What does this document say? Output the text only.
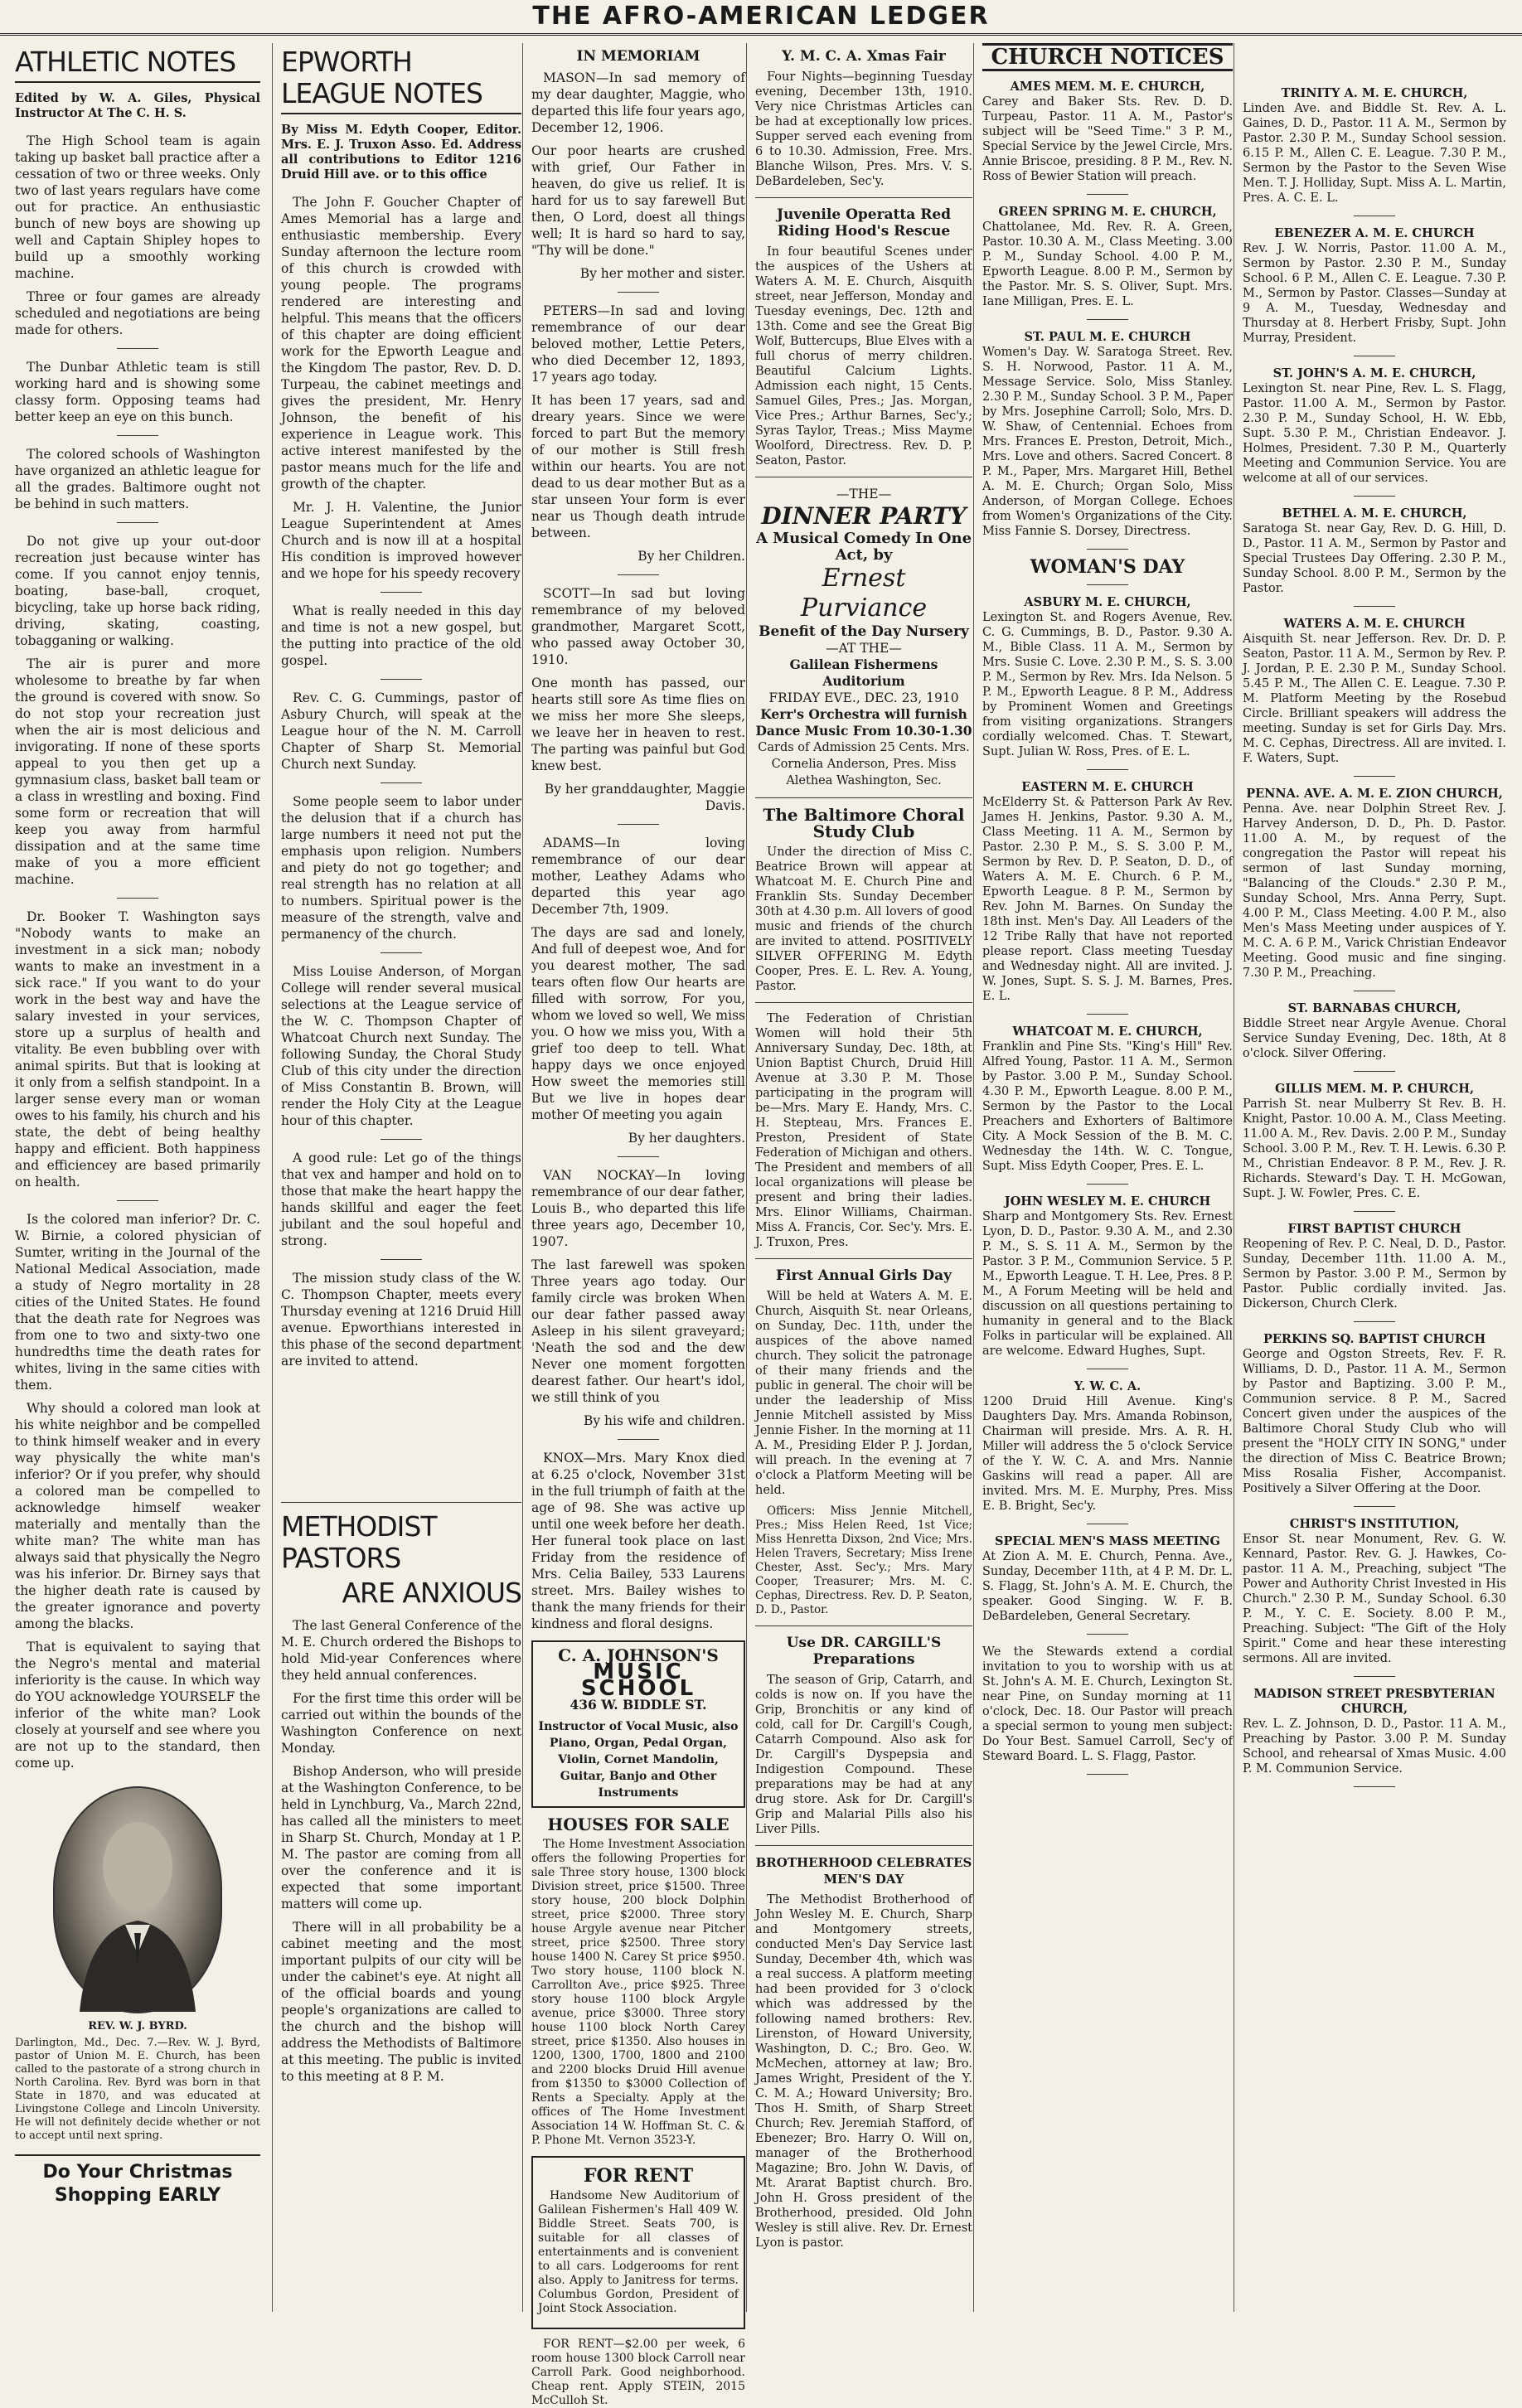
THE AFRO-AMERICAN LEDGER
ATHLETIC NOTES
Edited by W. A. Giles, Physical Instructor At The C. H. S.

The High School team is again taking up basket ball practice after a cessation of two or three weeks. Only two of last years regulars have come out for practice. An enthusiastic bunch of new boys are showing up well and Captain Shipley hopes to build up a smoothly working machine.

Three or four games are already scheduled and negotiations are being made for others.

The Dunbar Athletic team is still working hard and is showing some classy form. Opposing teams had better keep an eye on this bunch.

The colored schools of Washington have organized an athletic league for all the grades. Baltimore ought not be behind in such matters.

Do not give up your out-door recreation just because winter has come. If you cannot enjoy tennis, boating, base-ball, croquet, bicycling, take up horse back riding, driving, skating, coasting, tobagganing or walking.

The air is purer and more wholesome to breathe by far when the ground is covered with snow. So do not stop your recreation just when the air is most delicious and invigorating. If none of these sports appeal to you then get up a gymnasium class, basket ball team or a class in wrestling and boxing. Find some form or recreation that will keep you away from harmful dissipation and at the same time make of you a more efficient machine.

Dr. Booker T. Washington says "Nobody wants to make an investment in a sick man; nobody wants to make an investment in a sick race." If you want to do your work in the best way and have the salary invested in your services, store up a surplus of health and vitality. Be even bubbling over with animal spirits. But that is looking at it only from a selfish standpoint. In a larger sense every man or woman owes to his family, his church and his state, the debt of being healthy happy and efficient. Both happiness and efficiencey are based primarily on health.

Is the colored man inferior? Dr. C. W. Birnie, a colored physician of Sumter, writing in the Journal of the National Medical Association, made a study of Negro mortality in 28 cities of the United States. He found that the death rate for Negroes was from one to two and sixty-two one hundredths time the death rates for whites, living in the same cities with them.

Why should a colored man look at his white neighbor and be compelled to think himself weaker and in every way physically the white man's inferior? Or if you prefer, why should a colored man be compelled to acknowledge himself weaker materially and mentally than the white man? The white man has always said that physically the Negro was his inferior. Dr. Birney says that the higher death rate is caused by the greater ignorance and poverty among the blacks.

That is equivalent to saying that the Negro's mental and material inferiority is the cause. In which way do YOU acknowledge YOURSELF the inferior of the white man? Look closely at yourself and see where you are not up to the standard, then come up.

REV. W. J. BYRD.
Darlington, Md., Dec. 7.—Rev. W. J. Byrd, pastor of Union M. E. Church, has been called to the pastorate of a strong church in North Carolina. Rev. Byrd was born in that State in 1870, and was educated at Livingstone College and Lincoln University. He will not definitely decide whether or not to accept until next spring.
Do Your Christmas Shopping EARLY
EPWORTH LEAGUE NOTES
By Miss M. Edyth Cooper, Editor. Mrs. E. J. Truxon Asso. Ed. Address all contributions to Editor 1216 Druid Hill ave. or to this office

The John F. Goucher Chapter of Ames Memorial has a large and enthusiastic membership. Every Sunday afternoon the lecture room of this church is crowded with young people. The programs rendered are interesting and helpful. This means that the officers of this chapter are doing efficient work for the Epworth League and the Kingdom The pastor, Rev. D. D. Turpeau, the cabinet meetings and gives the president, Mr. Henry Johnson, the benefit of his experience in League work. This active interest manifested by the pastor means much for the life and growth of the chapter.

Mr. J. H. Valentine, the Junior League Superintendent at Ames Church and is now ill at a hospital His condition is improved however and we hope for his speedy recovery

What is really needed in this day and time is not a new gospel, but the putting into practice of the old gospel.

Rev. C. G. Cummings, pastor of Asbury Church, will speak at the League hour of the N. M. Carroll Chapter of Sharp St. Memorial Church next Sunday.

Some people seem to labor under the delusion that if a church has large numbers it need not put the emphasis upon religion. Numbers and piety do not go together; and real strength has no relation at all to numbers. Spiritual power is the measure of the strength, valve and permanency of the church.

Miss Louise Anderson, of Morgan College will render several musical selections at the League service of the W. C. Thompson Chapter of Whatcoat Church next Sunday. The following Sunday, the Choral Study Club of this city under the direction of Miss Constantin B. Brown, will render the Holy City at the League hour of this chapter.

A good rule: Let go of the things that vex and hamper and hold on to those that make the heart happy the hands skillful and eager the feet jubilant and the soul hopeful and strong.

The mission study class of the W. C. Thompson Chapter, meets every Thursday evening at 1216 Druid Hill avenue. Epworthians interested in this phase of the second department are invited to attend.

METHODIST PASTORS
ARE ANXIOUS

The last General Conference of the M. E. Church ordered the Bishops to hold Mid-year Conferences where they held annual conferences.

For the first time this order will be carried out within the bounds of the Washington Conference on next Monday.

Bishop Anderson, who will preside at the Washington Conference, to be held in Lynchburg, Va., March 22nd, has called all the ministers to meet in Sharp St. Church, Monday at 1 P. M. The pastor are coming from all over the conference and it is expected that some important matters will come up.

There will in all probability be a cabinet meeting and the most important pulpits of our city will be under the cabinet's eye. At night all of the official boards and young people's organizations are called to the church and the bishop will address the Methodists of Baltimore at this meeting. The public is invited to this meeting at 8 P. M.

IN MEMORIAM

MASON—In sad memory of my dear daughter, Maggie, who departed this life four years ago, December 12, 1906.

Our poor hearts are crushed with grief, Our Father in heaven, do give us relief. It is hard for us to say farewell But then, O Lord, doest all things well; It is hard so hard to say, "Thy will be done."

By her mother and sister.

PETERS—In sad and loving remembrance of our dear beloved mother, Lettie Peters, who died December 12, 1893, 17 years ago today.

It has been 17 years, sad and dreary years. Since we were forced to part But the memory of our mother is Still fresh within our hearts. You are not dead to us dear mother But as a star unseen Your form is ever near us Though death intrude between.

By her Children.

SCOTT—In sad but loving remembrance of my beloved grandmother, Margaret Scott, who passed away October 30, 1910.

One month has passed, our hearts still sore As time flies on we miss her more She sleeps, we leave her in heaven to rest. The parting was painful but God knew best.

By her granddaughter, Maggie Davis.

ADAMS—In loving remembrance of our dear mother, Leathey Adams who departed this year ago December 7th, 1909.

The days are sad and lonely, And full of deepest woe, And for you dearest mother, The sad tears often flow Our hearts are filled with sorrow, For you, whom we loved so well, We miss you. O how we miss you, With a grief too deep to tell. What happy days we once enjoyed How sweet the memories still But we live in hopes dear mother Of meeting you again

By her daughters.

VAN NOCKAY—In loving remembrance of our dear father, Louis B., who departed this life three years ago, December 10, 1907.

The last farewell was spoken Three years ago today. Our family circle was broken When our dear father passed away Asleep in his silent graveyard; 'Neath the sod and the dew Never one moment forgotten dearest father. Our heart's idol, we still think of you

By his wife and children.

KNOX—Mrs. Mary Knox died at 6.25 o'clock, November 31st in the full triumph of faith at the age of 98. She was active up until one week before her death. Her funeral took place on last Friday from the residence of Mrs. Celia Bailey, 533 Laurens street. Mrs. Bailey wishes to thank the many friends for their kindness and floral designs.

C. A. JOHNSON'S
MUSIC SCHOOL
436 W. BIDDLE ST.
Instructor of Vocal Music, also Piano, Organ, Pedal Organ, Violin, Cornet Mandolin, Guitar, Banjo and Other Instruments
HOUSES FOR SALE

The Home Investment Association offers the following Properties for sale Three story house, 1300 block Division street, price $1500. Three story house, 200 block Dolphin street, price $2000. Three story house Argyle avenue near Pitcher street, price $2500. Three story house 1400 N. Carey St price $950. Two story house, 1100 block N. Carrollton Ave., price $925. Three story house 1100 block Argyle avenue, price $3000. Three story house 1100 block North Carey street, price $1350. Also houses in 1200, 1300, 1700, 1800 and 2100 and 2200 blocks Druid Hill avenue from $1350 to $3000 Collection of Rents a Specialty. Apply at the offices of The Home Investment Association 14 W. Hoffman St. C. & P. Phone Mt. Vernon 3523-Y.

FOR RENT

Handsome New Auditorium of Galilean Fishermen's Hall 409 W. Biddle Street. Seats 700, is suitable for all classes of entertainments and is convenient to all cars. Lodgerooms for rent also. Apply to Janitress for terms. Columbus Gordon, President of Joint Stock Association.

FOR RENT—$2.00 per week, 6 room house 1300 block Carroll near Carroll Park. Good neighborhood. Cheap rent. Apply STEIN, 2015 McCulloh St.

Y. M. C. A. Xmas Fair

Four Nights—beginning Tuesday evening, December 13th, 1910. Very nice Christmas Articles can be had at exceptionally low prices. Supper served each evening from 6 to 10.30. Admission, Free. Mrs. Blanche Wilson, Pres. Mrs. V. S. DeBardeleben, Sec'y.

Juvenile Operatta Red Riding Hood's Rescue

In four beautiful Scenes under the auspices of the Ushers at Waters A. M. E. Church, Aisquith street, near Jefferson, Monday and Tuesday evenings, Dec. 12th and 13th. Come and see the Great Big Wolf, Buttercups, Blue Elves with a full chorus of merry children. Beautiful Calcium Lights. Admission each night, 15 Cents. Samuel Giles, Pres.; Jas. Morgan, Vice Pres.; Arthur Barnes, Sec'y.; Syras Taylor, Treas.; Miss Mayme Woolford, Directress. Rev. D. P. Seaton, Pastor.

—THE—
DINNER PARTY
A Musical Comedy In One Act, by
Ernest Purviance
Benefit of the Day Nursery
—AT THE—
Galilean Fishermens Auditorium
FRIDAY EVE., DEC. 23, 1910
Kerr's Orchestra will furnish Dance Music From 10.30-1.30
Cards of Admission 25 Cents. Mrs. Cornelia Anderson, Pres. Miss Alethea Washington, Sec.
The Baltimore Choral Study Club

Under the direction of Miss C. Beatrice Brown will appear at Whatcoat M. E. Church Pine and Franklin Sts. Sunday December 30th at 4.30 p.m. All lovers of good music and friends of the church are invited to attend. POSITIVELY SILVER OFFERING M. Edyth Cooper, Pres. E. L. Rev. A. Young, Pastor.

The Federation of Christian Women will hold their 5th Anniversary Sunday, Dec. 18th, at Union Baptist Church, Druid Hill Avenue at 3.30 P. M. Those participating in the program will be—Mrs. Mary E. Handy, Mrs. C. H. Stepteau, Mrs. Frances E. Preston, President of State Federation of Michigan and others. The President and members of all local organizations will please be present and bring their ladies. Mrs. Elinor Williams, Chairman. Miss A. Francis, Cor. Sec'y. Mrs. E. J. Truxon, Pres.

First Annual Girls Day

Will be held at Waters A. M. E. Church, Aisquith St. near Orleans, on Sunday, Dec. 11th, under the auspices of the above named church. They solicit the patronage of their many friends and the public in general. The choir will be under the leadership of Miss Jennie Mitchell assisted by Miss Jennie Fisher. In the morning at 11 A. M., Presiding Elder P. J. Jordan, will preach. In the evening at 7 o'clock a Platform Meeting will be held.

Officers: Miss Jennie Mitchell, Pres.; Miss Helen Reed, 1st Vice; Miss Henretta Dixson, 2nd Vice; Mrs. Helen Travers, Secretary; Miss Irene Chester, Asst. Sec'y.; Mrs. Mary Cooper, Treasurer; Mrs. M. C. Cephas, Directress. Rev. D. P. Seaton, D. D., Pastor.

Use DR. CARGILL'S Preparations

The season of Grip, Catarrh, and colds is now on. If you have the Grip, Bronchitis or any kind of cold, call for Dr. Cargill's Cough, Catarrh Compound. Also ask for Dr. Cargill's Dyspepsia and Indigestion Compound. These preparations may be had at any drug store. Ask for Dr. Cargill's Grip and Malarial Pills also his Liver Pills.

BROTHERHOOD CELEBRATES MEN'S DAY

The Methodist Brotherhood of John Wesley M. E. Church, Sharp and Montgomery streets, conducted Men's Day Service last Sunday, December 4th, which was a real success. A platform meeting had been provided for 3 o'clock which was addressed by the following named brothers: Rev. Lirenston, of Howard University, Washington, D. C.; Bro. Geo. W. McMechen, attorney at law; Bro. James Wright, President of the Y. C. M. A.; Howard University; Bro. Thos H. Smith, of Sharp Street Church; Rev. Jeremiah Stafford, of Ebenezer; Bro. Harry O. Will on, manager of the Brotherhood Magazine; Bro. John W. Davis, of Mt. Ararat Baptist church. Bro. John H. Gross president of the Brotherhood, presided. Old John Wesley is still alive. Rev. Dr. Ernest Lyon is pastor.

CHURCH NOTICES
AMES MEM. M. E. CHURCH,
Carey and Baker Sts. Rev. D. D. Turpeau, Pastor. 11 A. M., Pastor's subject will be "Seed Time." 3 P. M., Special Service by the Jewel Circle, Mrs. Annie Briscoe, presiding. 8 P. M., Rev. N. Ross of Bewier Station will preach.
GREEN SPRING M. E. CHURCH,
Chattolanee, Md. Rev. R. A. Green, Pastor. 10.30 A. M., Class Meeting. 3.00 P. M., Sunday School. 4.00 P. M., Epworth League. 8.00 P. M., Sermon by the Pastor. Mr. S. S. Oliver, Supt. Mrs. Iane Milligan, Pres. E. L.
ST. PAUL M. E. CHURCH
Women's Day. W. Saratoga Street. Rev. S. H. Norwood, Pastor. 11 A. M., Message Service. Solo, Miss Stanley. 2.30 P. M., Sunday School. 3 P. M., Paper by Mrs. Josephine Carroll; Solo, Mrs. D. W. Shaw, of Centennial. Echoes from Mrs. Frances E. Preston, Detroit, Mich., Mrs. Love and others. Sacred Concert. 8 P. M., Paper, Mrs. Margaret Hill, Bethel A. M. E. Church; Organ Solo, Miss Anderson, of Morgan College. Echoes from Women's Organizations of the City. Miss Fannie S. Dorsey, Directress.
WOMAN'S DAY
ASBURY M. E. CHURCH,
Lexington St. and Rogers Avenue, Rev. C. G. Cummings, B. D., Pastor. 9.30 A. M., Bible Class. 11 A. M., Sermon by Mrs. Susie C. Love. 2.30 P. M., S. S. 3.00 P. M., Sermon by Rev. Mrs. Ida Nelson. 5 P. M., Epworth League. 8 P. M., Address by Prominent Women and Greetings from visiting organizations. Strangers cordially welcomed. Chas. T. Stewart, Supt. Julian W. Ross, Pres. of E. L.
EASTERN M. E. CHURCH
McElderry St. & Patterson Park Av Rev. James H. Jenkins, Pastor. 9.30 A. M., Class Meeting. 11 A. M., Sermon by Pastor. 2.30 P. M., S. S. 3.00 P. M., Sermon by Rev. D. P. Seaton, D. D., of Waters A. M. E. Church. 6 P. M., Epworth League. 8 P. M., Sermon by Rev. John M. Barnes. On Sunday the 18th inst. Men's Day. All Leaders of the 12 Tribe Rally that have not reported please report. Class meeting Tuesday and Wednesday night. All are invited. J. W. Jones, Supt. S. S. J. M. Barnes, Pres. E. L.
WHATCOAT M. E. CHURCH,
Franklin and Pine Sts. "King's Hill" Rev. Alfred Young, Pastor. 11 A. M., Sermon by Pastor. 3.00 P. M., Sunday School. 4.30 P. M., Epworth League. 8.00 P. M., Sermon by the Pastor to the Local Preachers and Exhorters of Baltimore City. A Mock Session of the B. M. C. Wednesday the 14th. W. C. Tongue, Supt. Miss Edyth Cooper, Pres. E. L.
JOHN WESLEY M. E. CHURCH
Sharp and Montgomery Sts. Rev. Ernest Lyon, D. D., Pastor. 9.30 A. M., and 2.30 P. M., S. S. 11 A. M., Sermon by the Pastor. 3 P. M., Communion Service. 5 P. M., Epworth League. T. H. Lee, Pres. 8 P. M., A Forum Meeting will be held and discussion on all questions pertaining to humanity in general and to the Black Folks in particular will be explained. All are welcome. Edward Hughes, Supt.
Y. W. C. A.
1200 Druid Hill Avenue. King's Daughters Day. Mrs. Amanda Robinson, Chairman will preside. Mrs. A. R. H. Miller will address the 5 o'clock Service of the Y. W. C. A. and Mrs. Nannie Gaskins will read a paper. All are invited. Mrs. M. E. Murphy, Pres. Miss E. B. Bright, Sec'y.
SPECIAL MEN'S MASS MEETING
At Zion A. M. E. Church, Penna. Ave., Sunday, December 11th, at 4 P. M. Dr. L. S. Flagg, St. John's A. M. E. Church, the speaker. Good Singing. W. F. B. DeBardeleben, General Secretary.
We the Stewards extend a cordial invitation to you to worship with us at St. John's A. M. E. Church, Lexington St. near Pine, on Sunday morning at 11 o'clock, Dec. 18. Our Pastor will preach a special sermon to young men subject: Do Your Best. Samuel Carroll, Sec'y of Steward Board. L. S. Flagg, Pastor.
TRINITY A. M. E. CHURCH,
Linden Ave. and Biddle St. Rev. A. L. Gaines, D. D., Pastor. 11 A. M., Sermon by Pastor. 2.30 P. M., Sunday School session. 6.15 P. M., Allen C. E. League. 7.30 P. M., Sermon by the Pastor to the Seven Wise Men. T. J. Holliday, Supt. Miss A. L. Martin, Pres. A. C. E. L.
EBENEZER A. M. E. CHURCH
Rev. J. W. Norris, Pastor. 11.00 A. M., Sermon by Pastor. 2.30 P. M., Sunday School. 6 P. M., Allen C. E. League. 7.30 P. M., Sermon by Pastor. Classes—Sunday at 9 A. M., Tuesday, Wednesday and Thursday at 8. Herbert Frisby, Supt. John Murray, President.
ST. JOHN'S A. M. E. CHURCH,
Lexington St. near Pine, Rev. L. S. Flagg, Pastor. 11.00 A. M., Sermon by Pastor. 2.30 P. M., Sunday School, H. W. Ebb, Supt. 5.30 P. M., Christian Endeavor. J. Holmes, President. 7.30 P. M., Quarterly Meeting and Communion Service. You are welcome at all of our services.
BETHEL A. M. E. CHURCH,
Saratoga St. near Gay, Rev. D. G. Hill, D. D., Pastor. 11 A. M., Sermon by Pastor and Special Trustees Day Offering. 2.30 P. M., Sunday School. 8.00 P. M., Sermon by the Pastor.
WATERS A. M. E. CHURCH
Aisquith St. near Jefferson. Rev. Dr. D. P. Seaton, Pastor. 11 A. M., Sermon by Rev. P. J. Jordan, P. E. 2.30 P. M., Sunday School. 5.45 P. M., The Allen C. E. League. 7.30 P. M. Platform Meeting by the Rosebud Circle. Brilliant speakers will address the meeting. Sunday is set for Girls Day. Mrs. M. C. Cephas, Directress. All are invited. I. F. Waters, Supt.
PENNA. AVE. A. M. E. ZION CHURCH,
Penna. Ave. near Dolphin Street Rev. J. Harvey Anderson, D. D., Ph. D. Pastor. 11.00 A. M., by request of the congregation the Pastor will repeat his sermon of last Sunday morning, "Balancing of the Clouds." 2.30 P. M., Sunday School, Mrs. Anna Perry, Supt. 4.00 P. M., Class Meeting. 4.00 P. M., also Men's Mass Meeting under auspices of Y. M. C. A. 6 P. M., Varick Christian Endeavor Meeting. Good music and fine singing. 7.30 P. M., Preaching.
ST. BARNABAS CHURCH,
Biddle Street near Argyle Avenue. Choral Service Sunday Evening, Dec. 18th, At 8 o'clock. Silver Offering.
GILLIS MEM. M. P. CHURCH,
Parrish St. near Mulberry St Rev. B. H. Knight, Pastor. 10.00 A. M., Class Meeting. 11.00 A. M., Rev. Davis. 2.00 P. M., Sunday School. 3.00 P. M., Rev. T. H. Lewis. 6.30 P. M., Christian Endeavor. 8 P. M., Rev. J. R. Richards. Steward's Day. T. H. McGowan, Supt. J. W. Fowler, Pres. C. E.
FIRST BAPTIST CHURCH
Reopening of Rev. P. C. Neal, D. D., Pastor. Sunday, December 11th. 11.00 A. M., Sermon by Pastor. 3.00 P. M., Sermon by Pastor. Public cordially invited. Jas. Dickerson, Church Clerk.
PERKINS SQ. BAPTIST CHURCH
George and Ogston Streets, Rev. F. R. Williams, D. D., Pastor. 11 A. M., Sermon by Pastor and Baptizing. 3.00 P. M., Communion service. 8 P. M., Sacred Concert given under the auspices of the Baltimore Choral Study Club who will present the "HOLY CITY IN SONG," under the direction of Miss C. Beatrice Brown; Miss Rosalia Fisher, Accompanist. Positively a Silver Offering at the Door.
CHRIST'S INSTITUTION,
Ensor St. near Monument, Rev. G. W. Kennard, Pastor. Rev. G. J. Hawkes, Co-pastor. 11 A. M., Preaching, subject "The Power and Authority Christ Invested in His Church." 2.30 P. M., Sunday School. 6.30 P. M., Y. C. E. Society. 8.00 P. M., Preaching. Subject: "The Gift of the Holy Spirit." Come and hear these interesting sermons. All are invited.
MADISON STREET PRESBYTERIAN CHURCH,
Rev. L. Z. Johnson, D. D., Pastor. 11 A. M., Preaching by Pastor. 3.00 P. M. Sunday School, and rehearsal of Xmas Music. 4.00 P. M. Communion Service.
